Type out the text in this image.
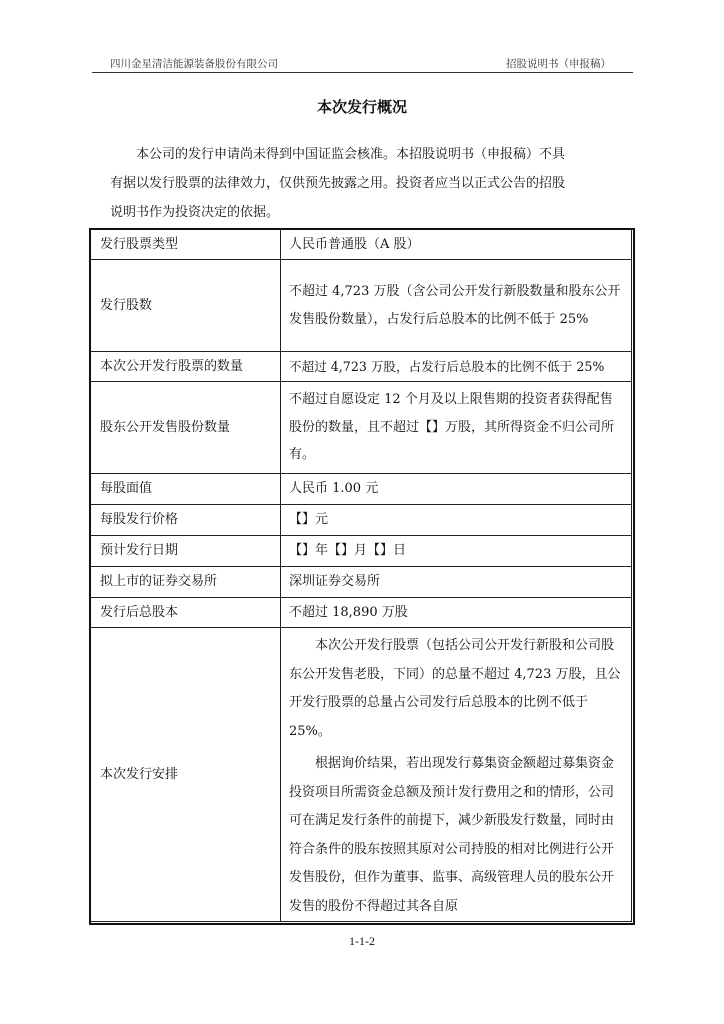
四川金星清洁能源装备股份有限公司	招股说明书（申报稿）
本次发行概况
本公司的发行申请尚未得到中国证监会核准。本招股说明书（申报稿）不具
有据以发行股票的法律效力，仅供预先披露之用。投资者应当以正式公告的招股
说明书作为投资决定的依据。
发行股票类型	人民币普通股（A 股）
发行股数	不超过 4,723 万股（含公司公开发行新股数量和股东公开发售股份数量），占发行后总股本的比例不低于 25%
本次公开发行股票的数量	不超过 4,723 万股，占发行后总股本的比例不低于 25%
股东公开发售股份数量	不超过自愿设定 12 个月及以上限售期的投资者获得配售股份的数量，且不超过【】万股，其所得资金不归公司所有。
每股面值	人民币 1.00 元
每股发行价格	【】元
预计发行日期	【】年【】月【】日
拟上市的证券交易所	深圳证券交易所
发行后总股本	不超过 18,890 万股
本次发行安排	本次公开发行股票（包括公司公开发行新股和公司股东公开发售老股，下同）的总量不超过 4,723 万股，且公开发行股票的总量占公司发行后总股本的比例不低于 25%。
根据询价结果，若出现发行募集资金额超过募集资金投资项目所需资金总额及预计发行费用之和的情形，公司可在满足发行条件的前提下，减少新股发行数量，同时由符合条件的股东按照其原对公司持股的相对比例进行公开发售股份，但作为董事、监事、高级管理人员的股东公开发售的股份不得超过其各自原
1-1-2
